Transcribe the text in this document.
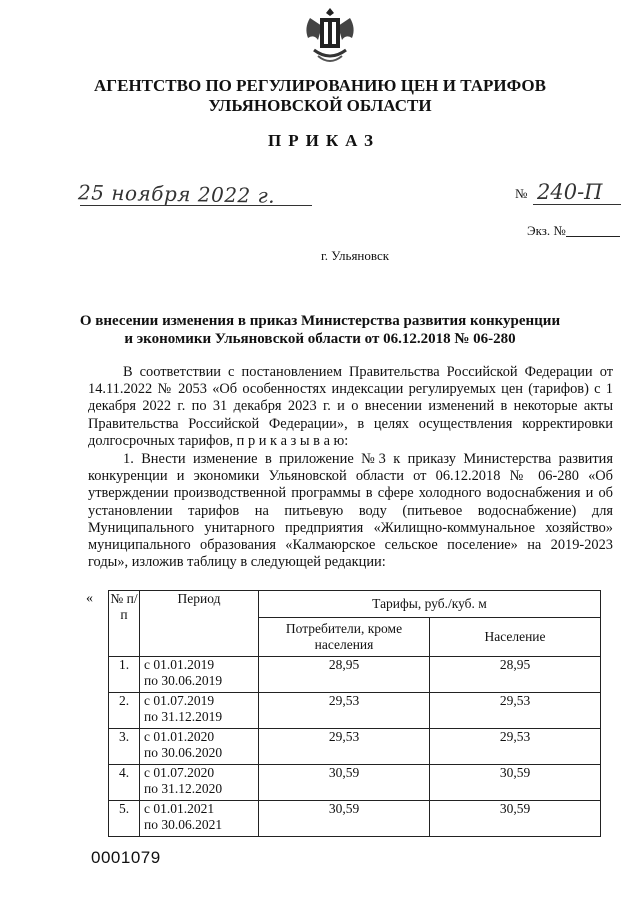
АГЕНТСТВО ПО РЕГУЛИРОВАНИЮ ЦЕН И ТАРИФОВ
УЛЬЯНОВСКОЙ ОБЛАСТИ
ПРИКАЗ
25 ноября 2022 г.	№ 240-П
Экз. №
г. Ульяновск
О внесении изменения в приказ Министерства развития конкуренции
и экономики Ульяновской области от 06.12.2018 № 06-280
В соответствии с постановлением Правительства Российской Федерации от 14.11.2022 № 2053 «Об особенностях индексации регулируемых цен (тарифов) с 1 декабря 2022 г. по 31 декабря 2023 г. и о внесении изменений в некоторые акты Правительства Российской Федерации», в целях осуществления корректировки долгосрочных тарифов, п р и к а з ы в а ю:
1. Внести изменение в приложение №3 к приказу Министерства развития конкуренции и экономики Ульяновской области от 06.12.2018 № 06-280 «Об утверждении производственной программы в сфере холодного водоснабжения и об установлении тарифов на питьевую воду (питьевое водоснабжение) для Муниципального унитарного предприятия «Жилищно-коммунальное хозяйство» муниципального образования «Калмаюрское сельское поселение» на 2019-2023 годы», изложив таблицу в следующей редакции:
« № п/п	Период	Тарифы, руб./куб. м	
		Потребители, кроме населения	Население
1.	с 01.01.2019
по 30.06.2019	28,95	28,95
2.	с 01.07.2019
по 31.12.2019	29,53	29,53
3.	с 01.01.2020
по 30.06.2020	29,53	29,53
4.	с 01.07.2020
по 31.12.2020	30,59	30,59
5.	с 01.01.2021
по 30.06.2021	30,59	30,59
0001079
